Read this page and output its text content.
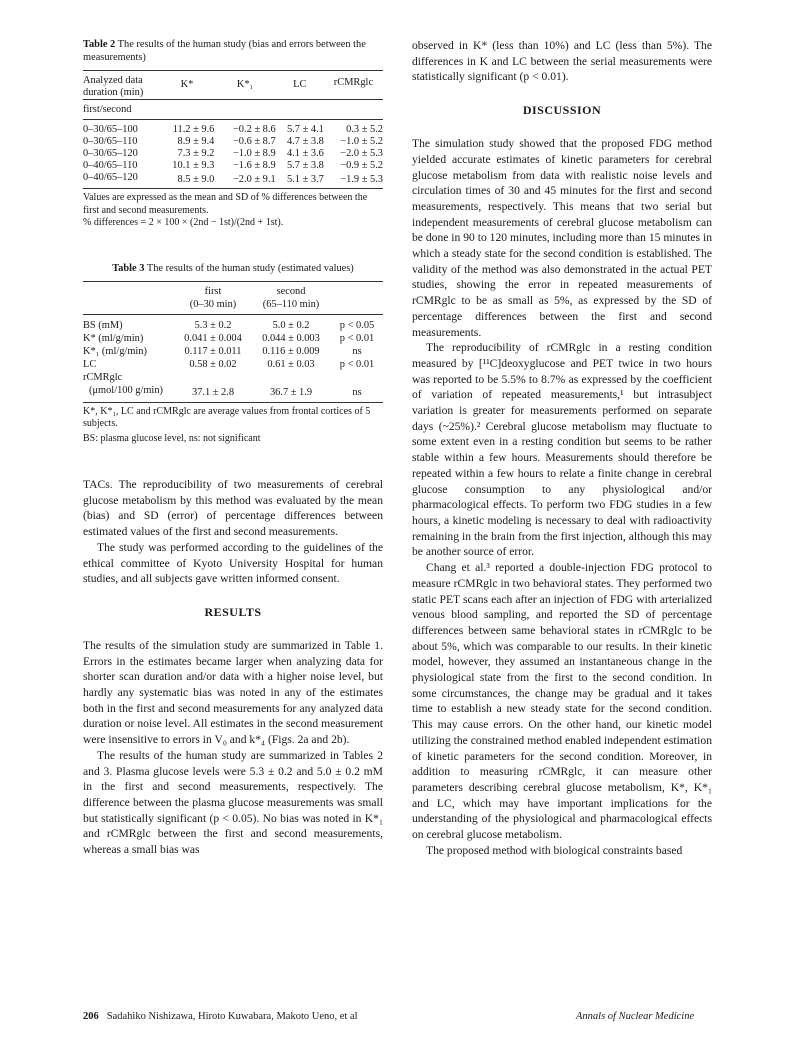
Table 2 The results of the human study (bias and errors between the measurements)

Analyzed data duration (min)	K*	K*₁	LC	rCMRglc
first/second				

0–30/65–100	11.2 ± 9.6	−0.2 ± 8.6	5.7 ± 4.1	0.3 ± 5.2
0–30/65–110	8.9 ± 9.4	−0.6 ± 8.7	4.7 ± 3.8	−1.0 ± 5.2
0–30/65–120	7.3 ± 9.2	−1.0 ± 8.9	4.1 ± 3.6	−2.0 ± 5.3
0–40/65–110	10.1 ± 9.3	−1.6 ± 8.9	5.7 ± 3.8	−0.9 ± 5.2
0–40/65–120	8.5 ± 9.0	−2.0 ± 9.1	5.1 ± 3.7	−1.9 ± 5.3

Values are expressed as the mean and SD of % differences between the first and second measurements.

% differences = 2 × 100 × (2nd − 1st)/(2nd + 1st).

Table 3 The results of the human study (estimated values)

	first	second	
	(0–30 min)	(65–110 min)	

BS (mM)	5.3 ± 0.2	5.0 ± 0.2	p < 0.05
K* (ml/g/min)	0.041 ± 0.004	0.044 ± 0.003	p < 0.01
K*₁ (ml/g/min)	0.117 ± 0.011	0.116 ± 0.009	ns
LC	0.58 ± 0.02	0.61 ± 0.03	p < 0.01
rCMRglc			
(μmol/100 g/min)	37.1 ± 2.8	36.7 ± 1.9	ns

K*, K*₁, LC and rCMRglc are average values from frontal cortices of 5 subjects.

BS: plasma glucose level, ns: not significant

TACs. The reproducibility of two measurements of cerebral glucose metabolism by this method was evaluated by the mean (bias) and SD (error) of percentage differences between estimated values of the first and second measurements.

The study was performed according to the guidelines of the ethical committee of Kyoto University Hospital for human studies, and all subjects gave written informed consent.

RESULTS

The results of the simulation study are summarized in Table 1. Errors in the estimates became larger when analyzing data for shorter scan duration and/or data with a higher noise level, but hardly any systematic bias was noted in any of the estimates both in the first and second measurements for any analyzed data duration or noise level. All estimates in the second measurement were insensitive to errors in V₀ and k*₄ (Figs. 2a and 2b).

The results of the human study are summarized in Tables 2 and 3. Plasma glucose levels were 5.3 ± 0.2 and 5.0 ± 0.2 mM in the first and second measurements, respectively. The difference between the plasma glucose measurements was small but statistically significant (p < 0.05). No bias was noted in K*₁ and rCMRglc between the first and second measurements, whereas a small bias was

observed in K* (less than 10%) and LC (less than 5%). The differences in K and LC between the serial measurements were statistically significant (p < 0.01).

DISCUSSION

The simulation study showed that the proposed FDG method yielded accurate estimates of kinetic parameters for cerebral glucose metabolism from data with realistic noise levels and circulation times of 30 and 45 minutes for the first and second measurements, respectively. This means that two serial but independent measurements of cerebral glucose metabolism can be done in 90 to 120 minutes, including more than 15 minutes in which a steady state for the second condition is established. The validity of the method was also demonstrated in the actual PET studies, showing the error in repeated measurements of rCMRglc to be as small as 5%, as expressed by the SD of percentage differences between the first and second measurements.

The reproducibility of rCMRglc in a resting condition measured by [¹¹C]deoxyglucose and PET twice in two hours was reported to be 5.5% to 8.7% as expressed by the coefficient of variation of repeated measurements,¹ but intrasubject variation is greater for measurements performed on separate days (~25%).² Cerebral glucose metabolism may fluctuate to some extent even in a resting condition but seems to be rather stable within a few hours. Measurements should therefore be repeated within a few hours to relate a finite change in cerebral glucose consumption to any physiological and/or pharmacological effects. To perform two FDG studies in a few hours, a kinetic modeling is necessary to deal with radioactivity remaining in the brain from the first injection, although this may be another source of error.

Chang et al.³ reported a double-injection FDG protocol to measure rCMRglc in two behavioral states. They performed two static PET scans each after an injection of FDG with arterialized venous blood sampling, and reported the SD of percentage differences between same behavioral states in rCMRglc to be about 5%, which was comparable to our results. In their kinetic model, however, they assumed an instantaneous change in the physiological state from the first to the second condition. In some circumstances, the change may be gradual and it takes time to establish a new steady state for the second condition. This may cause errors. On the other hand, our kinetic model utilizing the constrained method enabled independent estimation of kinetic parameters for the second condition. Moreover, in addition to measuring rCMRglc, it can measure other parameters describing cerebral glucose metabolism, K*, K*₁ and LC, which may have important implications for the understanding of the physiological and pharmacological effects on cerebral glucose metabolism.

The proposed method with biological constraints based

206 Sadahiko Nishizawa, Hiroto Kuwabara, Makoto Ueno, et al	Annals of Nuclear Medicine
